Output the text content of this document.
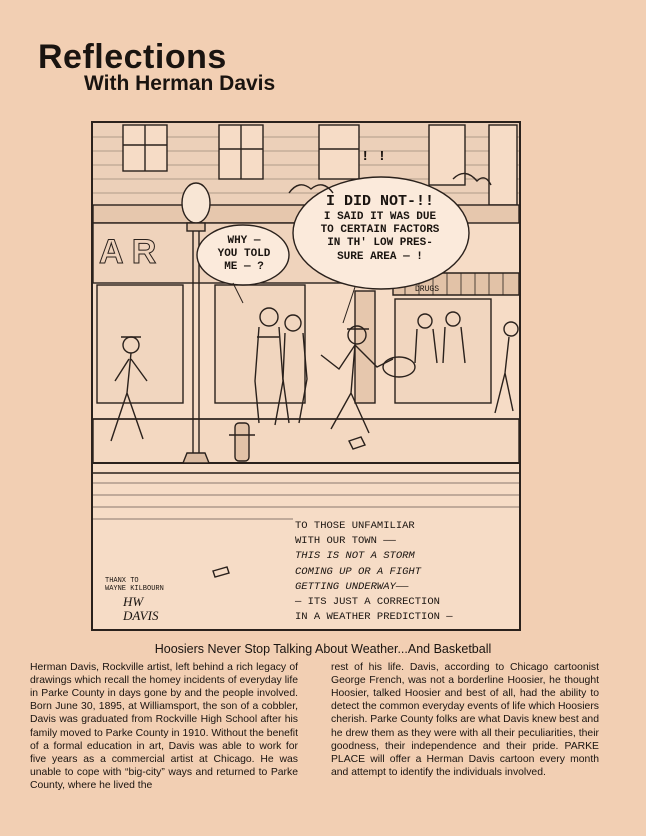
Reflections
With Herman Davis
A R
! !
WHY —
YOU TOLD
ME — ?
I DID NOT-!!
I SAID IT WAS DUE
TO CERTAIN FACTORS
IN TH' LOW PRES-
SURE AREA — !
DRUGS
TO THOSE UNFAMILIAR
WITH OUR TOWN ——
THIS IS NOT A STORM
COMING UP OR A FIGHT
GETTING UNDERWAY——
— ITS JUST A CORRECTION
IN A WEATHER PREDICTION —
THANX TO
WAYNE KILBOURN
HW
DAVIS
Hoosiers Never Stop Talking About Weather...And Basketball
Herman Davis, Rockville artist, left behind a rich legacy of drawings which recall the homey incidents of everyday life in Parke County in days gone by and the people involved. Born June 30, 1895, at Williamsport, the son of a cobbler, Davis was graduated from Rockville High School after his family moved to Parke County in 1910. Without the benefit of a formal education in art, Davis was able to work for five years as a commercial artist at Chicago. He was unable to cope with “big-city” ways and returned to Parke County, where he lived the
rest of his life. Davis, according to Chicago cartoonist George French, was not a borderline Hoosier, he thought Hoosier, talked Hoosier and best of all, had the ability to detect the common everyday events of life which Hoosiers cherish. Parke County folks are what Davis knew best and he drew them as they were with all their peculiarities, their goodness, their independence and their pride. PARKE PLACE will offer a Herman Davis cartoon every month and attempt to identify the individuals involved.
